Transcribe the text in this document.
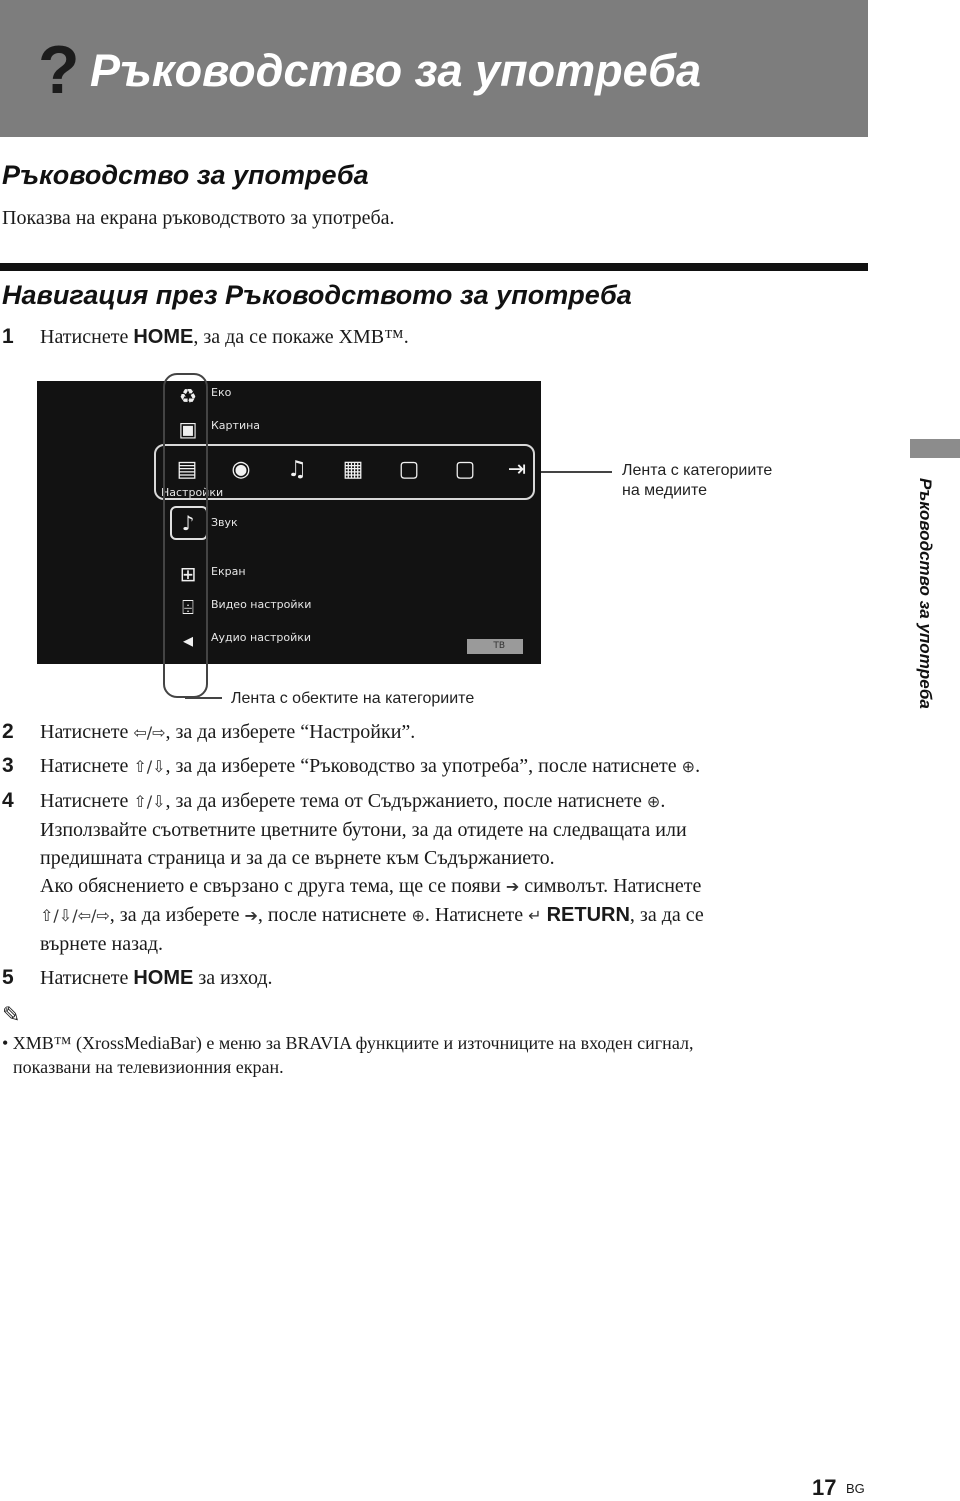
? Ръководство за употреба
Ръководство за употреба
Показва на екрана ръководството за употреба.
Навигация през Ръководството за употреба
1 Натиснете HOME, за да се покаже XMB™.
♻	Еко
▣	Картина
▤
Настройки
◉	♫	▦	▢	▢	⇥
♪	Звук
⊞	Екран
⌹	Видео настройки
◂	Аудио настройки
ТВ
Лента с категориите
на медиите
Лента с обектите на категориите
2 Натиснете ⇦/⇨, за да изберете “Настройки”.
3 Натиснете ⇧/⇩, за да изберете “Ръководство за употреба”, после натиснете ⊕.
4 Натиснете ⇧/⇩, за да изберете тема от Съдържанието, после натиснете ⊕.
Използвайте съответните цветните бутони, за да отидете на следващата или
предишната страница и за да се върнете към Съдържанието.
Ако обяснението е свързано с друга тема, ще се появи ➔ символът. Натиснете
⇧/⇩/⇦/⇨, за да изберете ➔, после натиснете ⊕. Натиснете ↵ RETURN, за да се
върнете назад.
5 Натиснете HOME за изход.
✎
• XMB™ (XrossMediaBar) е меню за BRAVIA функциите и източниците на входен сигнал,
показвани на телевизионния екран.
Ръководство за употреба
17 BG
